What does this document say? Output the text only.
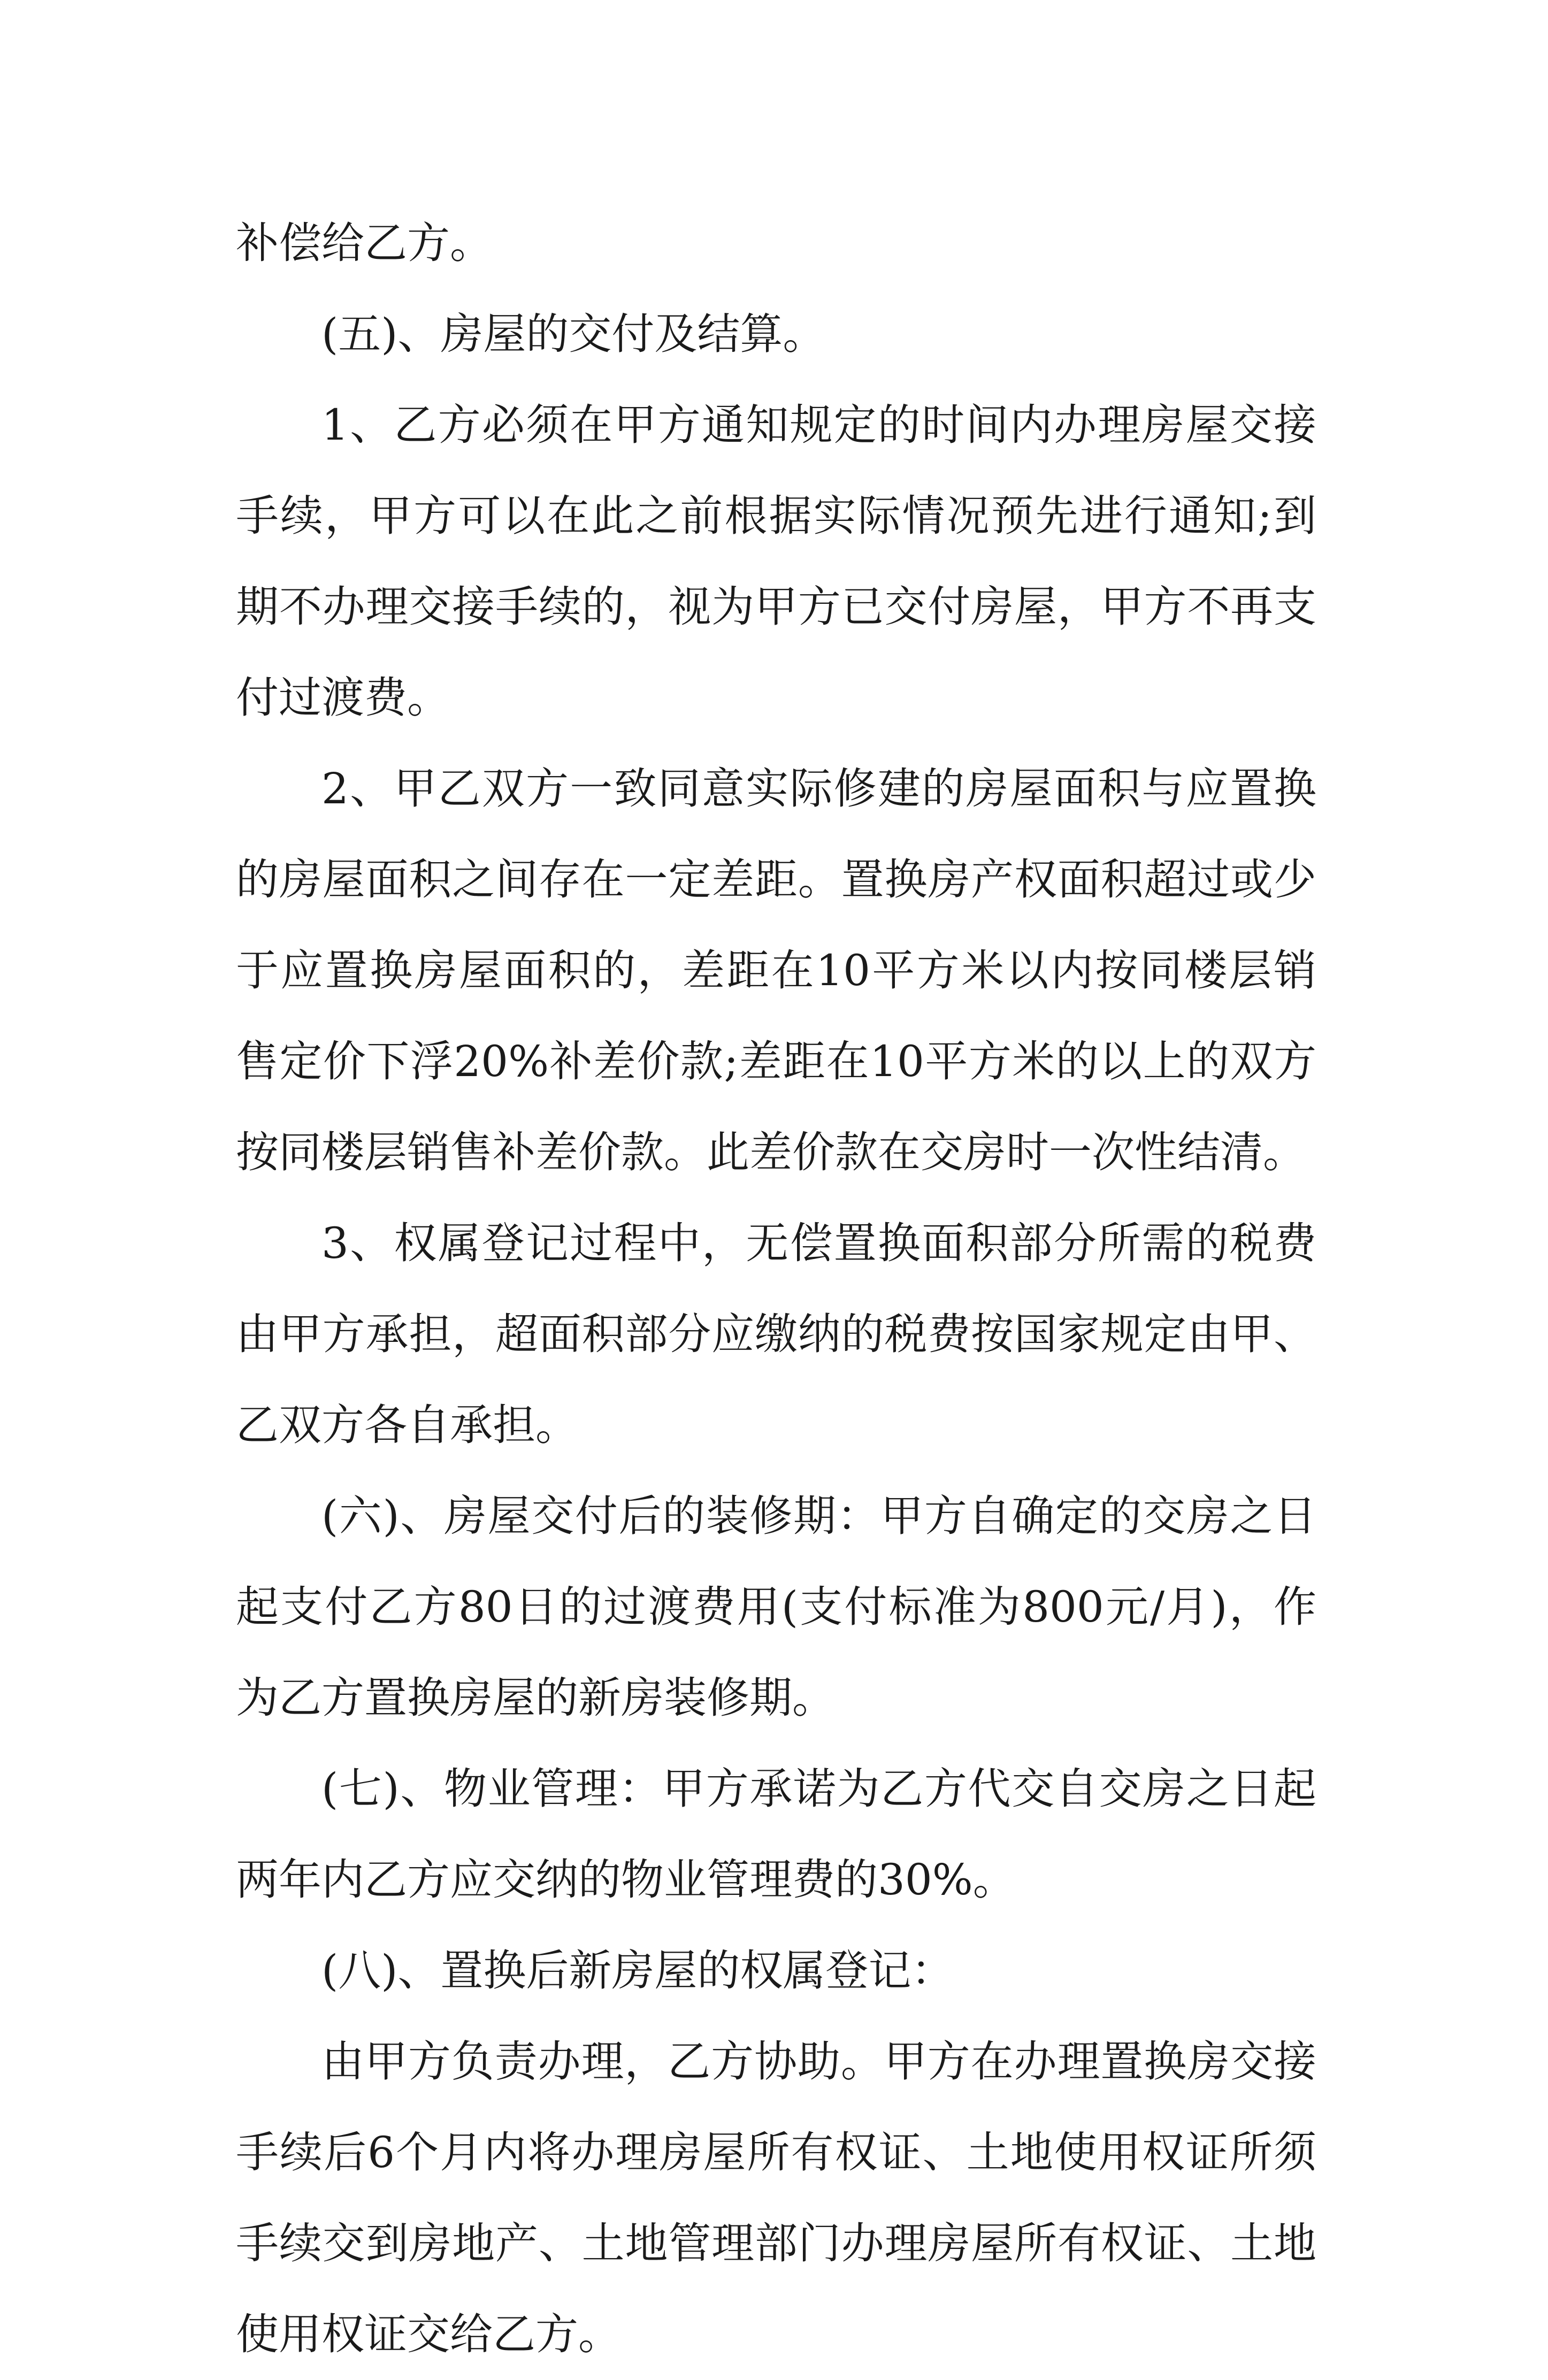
补偿给乙方。

(五)、房屋的交付及结算。

1、乙方必须在甲方通知规定的时间内办理房屋交接手续，甲方可以在此之前根据实际情况预先进行通知;到期不办理交接手续的，视为甲方已交付房屋，甲方不再支付过渡费。

2、甲乙双方一致同意实际修建的房屋面积与应置换的房屋面积之间存在一定差距。置换房产权面积超过或少于应置换房屋面积的，差距在10平方米以内按同楼层销售定价下浮20%补差价款;差距在10平方米的以上的双方按同楼层销售补差价款。此差价款在交房时一次性结清。

3、权属登记过程中，无偿置换面积部分所需的税费由甲方承担，超面积部分应缴纳的税费按国家规定由甲、乙双方各自承担。

(六)、房屋交付后的装修期：甲方自确定的交房之日起支付乙方80日的过渡费用(支付标准为800元/月)，作为乙方置换房屋的新房装修期。

(七)、物业管理：甲方承诺为乙方代交自交房之日起两年内乙方应交纳的物业管理费的30%。

(八)、置换后新房屋的权属登记：

由甲方负责办理，乙方协助。甲方在办理置换房交接手续后6个月内将办理房屋所有权证、土地使用权证所须手续交到房地产、土地管理部门办理房屋所有权证、土地使用权证交给乙方。
